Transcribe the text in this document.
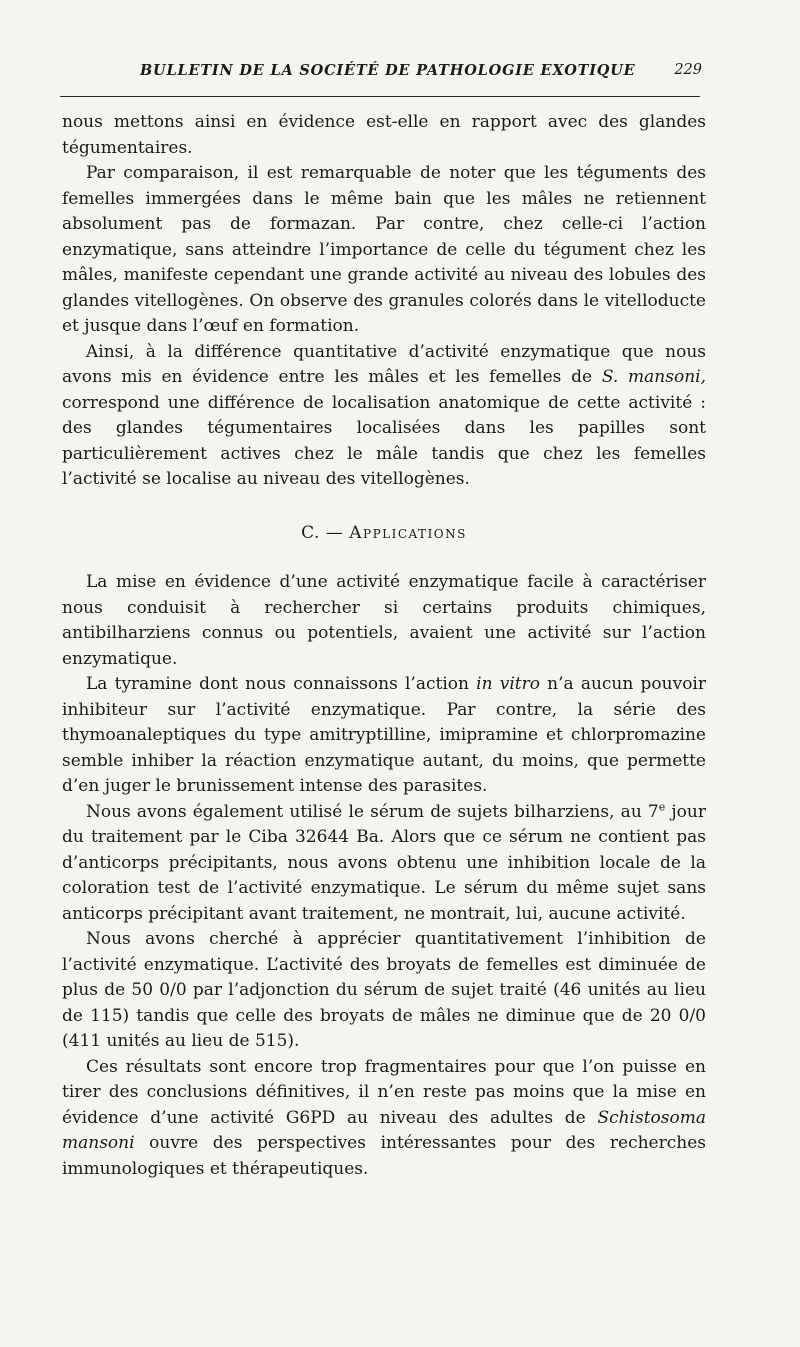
BULLETIN DE LA SOCIÉTÉ DE PATHOLOGIE EXOTIQUE	229

nous mettons ainsi en évidence est-elle en rapport avec des glandes tégumentaires.

Par comparaison, il est remarquable de noter que les téguments des femelles immergées dans le même bain que les mâles ne retiennent absolument pas de formazan. Par contre, chez celle-ci l’action enzymatique, sans atteindre l’importance de celle du tégument chez les mâles, manifeste cependant une grande activité au niveau des lobules des glandes vitellogènes. On observe des granules colorés dans le vitelloducte et jusque dans l’œuf en formation.

Ainsi, à la différence quantitative d’activité enzymatique que nous avons mis en évidence entre les mâles et les femelles de S. mansoni, correspond une différence de localisation anatomique de cette activité : des glandes tégumentaires localisées dans les papilles sont particulièrement actives chez le mâle tandis que chez les femelles l’activité se localise au niveau des vitellogènes.

C. — Applications

La mise en évidence d’une activité enzymatique facile à caractériser nous conduisit à rechercher si certains produits chimiques, antibilharziens connus ou potentiels, avaient une activité sur l’action enzymatique.

La tyramine dont nous connaissons l’action in vitro n’a aucun pouvoir inhibiteur sur l’activité enzymatique. Par contre, la série des thymoanaleptiques du type amitryptilline, imipramine et chlorpromazine semble inhiber la réaction enzymatique autant, du moins, que permette d’en juger le brunissement intense des parasites.

Nous avons également utilisé le sérum de sujets bilharziens, au 7e jour du traitement par le Ciba 32644 Ba. Alors que ce sérum ne contient pas d’anticorps précipitants, nous avons obtenu une inhibition locale de la coloration test de l’activité enzymatique. Le sérum du même sujet sans anticorps précipitant avant traitement, ne montrait, lui, aucune activité.

Nous avons cherché à apprécier quantitativement l’inhibition de l’activité enzymatique. L’activité des broyats de femelles est diminuée de plus de 50 0/0 par l’adjonction du sérum de sujet traité (46 unités au lieu de 115) tandis que celle des broyats de mâles ne diminue que de 20 0/0 (411 unités au lieu de 515).

Ces résultats sont encore trop fragmentaires pour que l’on puisse en tirer des conclusions définitives, il n’en reste pas moins que la mise en évidence d’une activité G6PD au niveau des adultes de Schistosoma mansoni ouvre des perspectives intéressantes pour des recherches immunologiques et thérapeutiques.
